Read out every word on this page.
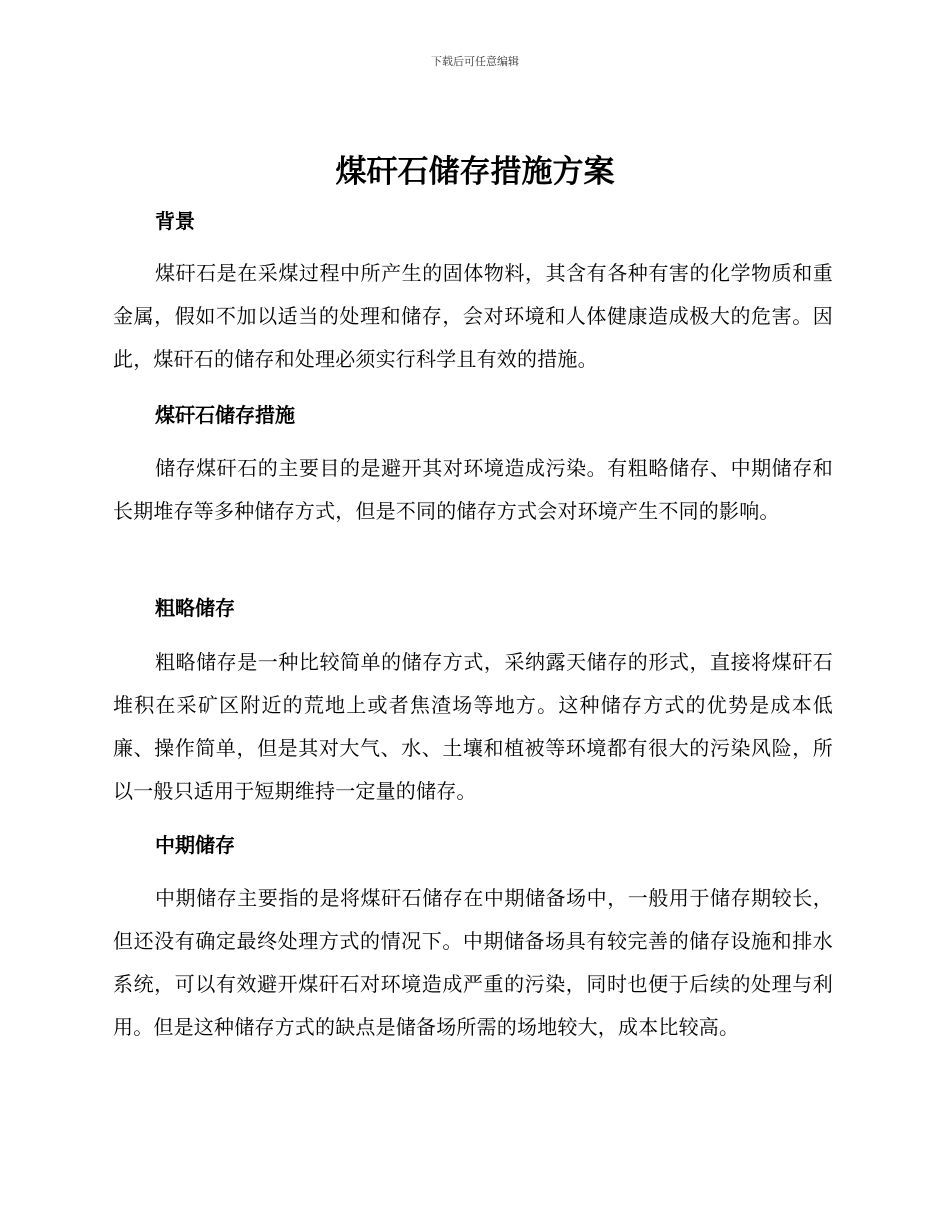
下载后可任意编辑
煤矸石储存措施方案
背景

煤矸石是在采煤过程中所产生的固体物料，其含有各种有害的化学物质和重金属，假如不加以适当的处理和储存，会对环境和人体健康造成极大的危害。因此，煤矸石的储存和处理必须实行科学且有效的措施。

煤矸石储存措施

储存煤矸石的主要目的是避开其对环境造成污染。有粗略储存、中期储存和长期堆存等多种储存方式，但是不同的储存方式会对环境产生不同的影响。

粗略储存

粗略储存是一种比较简单的储存方式，采纳露天储存的形式，直接将煤矸石堆积在采矿区附近的荒地上或者焦渣场等地方。这种储存方式的优势是成本低廉、操作简单，但是其对大气、水、土壤和植被等环境都有很大的污染风险，所以一般只适用于短期维持一定量的储存。

中期储存

中期储存主要指的是将煤矸石储存在中期储备场中，一般用于储存期较长，但还没有确定最终处理方式的情况下。中期储备场具有较完善的储存设施和排水系统，可以有效避开煤矸石对环境造成严重的污染，同时也便于后续的处理与利用。但是这种储存方式的缺点是储备场所需的场地较大，成本比较高。
